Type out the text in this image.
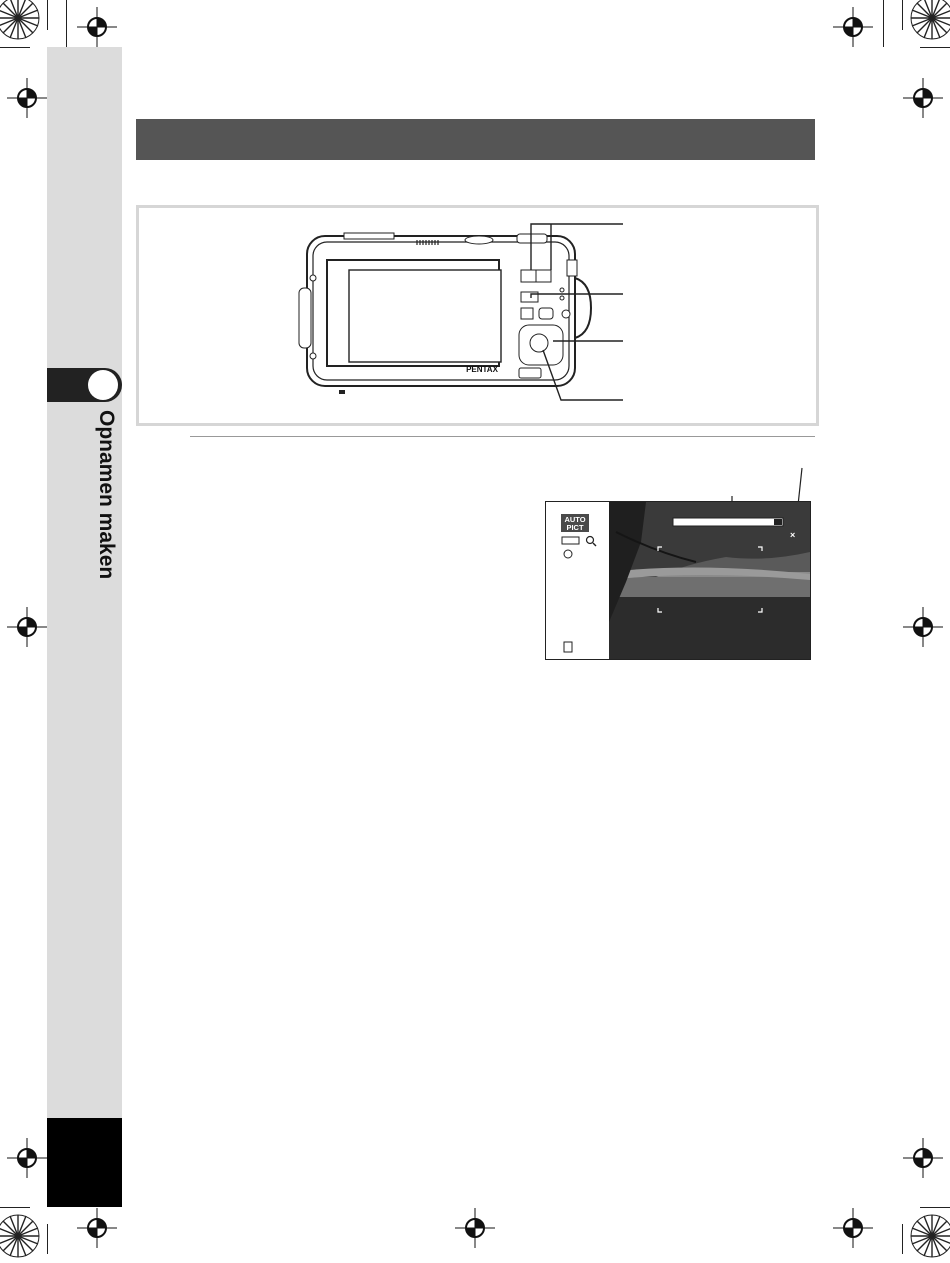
Opnamen maken
PENTAX
AUTO
PICT
×
